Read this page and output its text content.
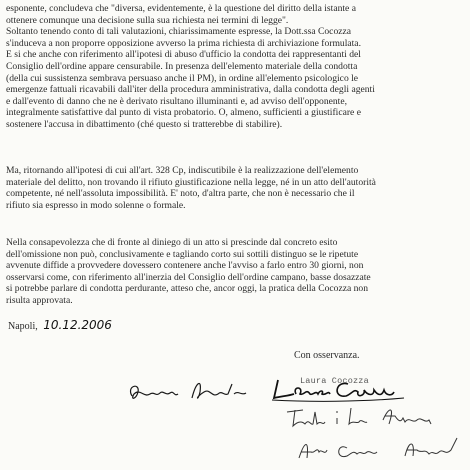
esponente, concludeva che "diversa, evidentemente, è la questione del diritto della istante a
ottenere comunque una decisione sulla sua richiesta nei termini di legge".
Soltanto tenendo conto di tali valutazioni, chiarissimamente espresse, la Dott.ssa Cocozza
s'induceva a non proporre opposizione avverso la prima richiesta di archiviazione formulata.
E si che anche con riferimento all'ipotesi di abuso d'ufficio la condotta dei rappresentanti del
Consiglio dell'ordine appare censurabile. In presenza dell'elemento materiale della condotta
(della cui sussistenza sembrava persuaso anche il PM), in ordine all'elemento psicologico le
emergenze fattuali ricavabili dall'iter della procedura amministrativa, dalla condotta degli agenti
e dall'evento di danno che ne è derivato risultano illuminanti e, ad avviso dell'opponente,
integralmente satisfattive dal punto di vista probatorio. O, almeno, sufficienti a giustificare e
sostenere l'accusa in dibattimento (ché questo si tratterebbe di stabilire).
Ma, ritornando all'ipotesi di cui all'art. 328 Cp, indiscutibile è la realizzazione dell'elemento
materiale del delitto, non trovando il rifiuto giustificazione nella legge, né in un atto dell'autorità
competente, né nell'assoluta impossibilità. E' noto, d'altra parte, che non è necessario che il
rifiuto sia espresso in modo solenne o formale.
Nella consapevolezza che di fronte al diniego di un atto si prescinde dal concreto esito
dell'omissione non può, conclusivamente e tagliando corto sui sottili distinguo se le ripetute
avvenute diffide a provvedere dovessero contenere anche l'avviso a farlo entro 30 giorni, non
osservarsi come, con riferimento all'inerzia del Consiglio dell'ordine campano, basse dosazzate
si potrebbe parlare di condotta perdurante, atteso che, ancor oggi, la pratica della Cocozza non
risulta approvata.
Napoli, 10.12.2006
Con osservanza.
Laura Cocozza
